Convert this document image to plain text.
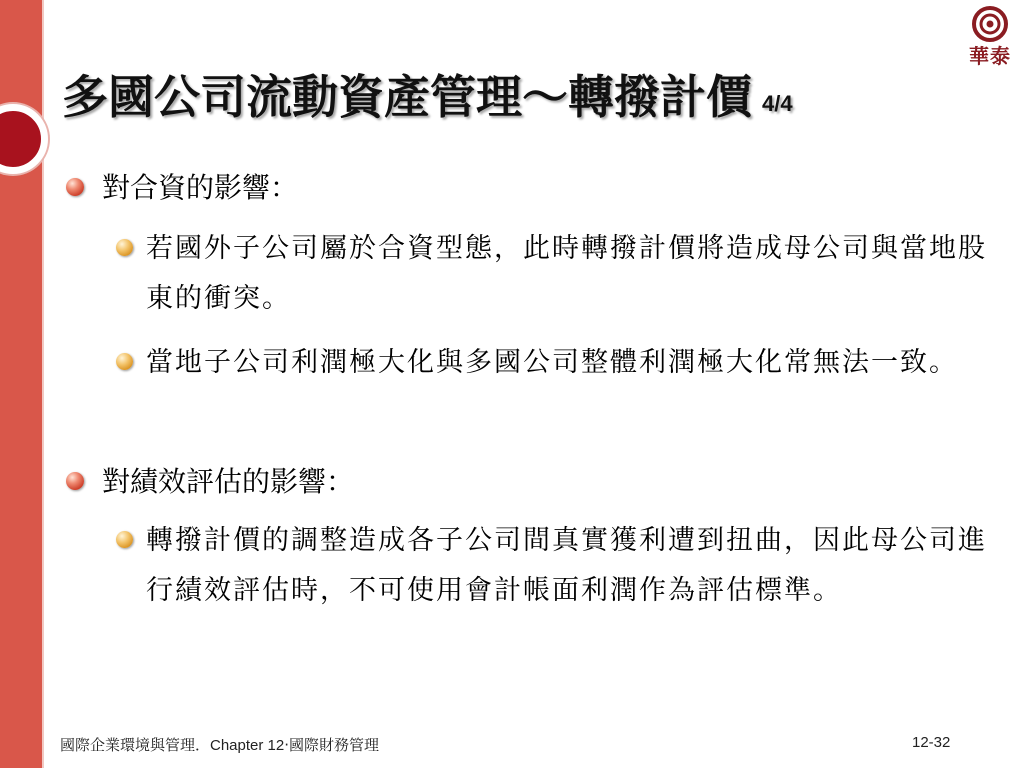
華泰
多國公司流動資產管理～轉撥計價 4/4
對合資的影響：
若國外子公司屬於合資型態，此時轉撥計價將造成母公司與當地股東的衝突。
當地子公司利潤極大化與多國公司整體利潤極大化常無法一致。
對績效評估的影響：
轉撥計價的調整造成各子公司間真實獲利遭到扭曲，因此母公司進行績效評估時，不可使用會計帳面利潤作為評估標準。
國際企業環境與管理．Chapter 12‧國際財務管理	12-32
